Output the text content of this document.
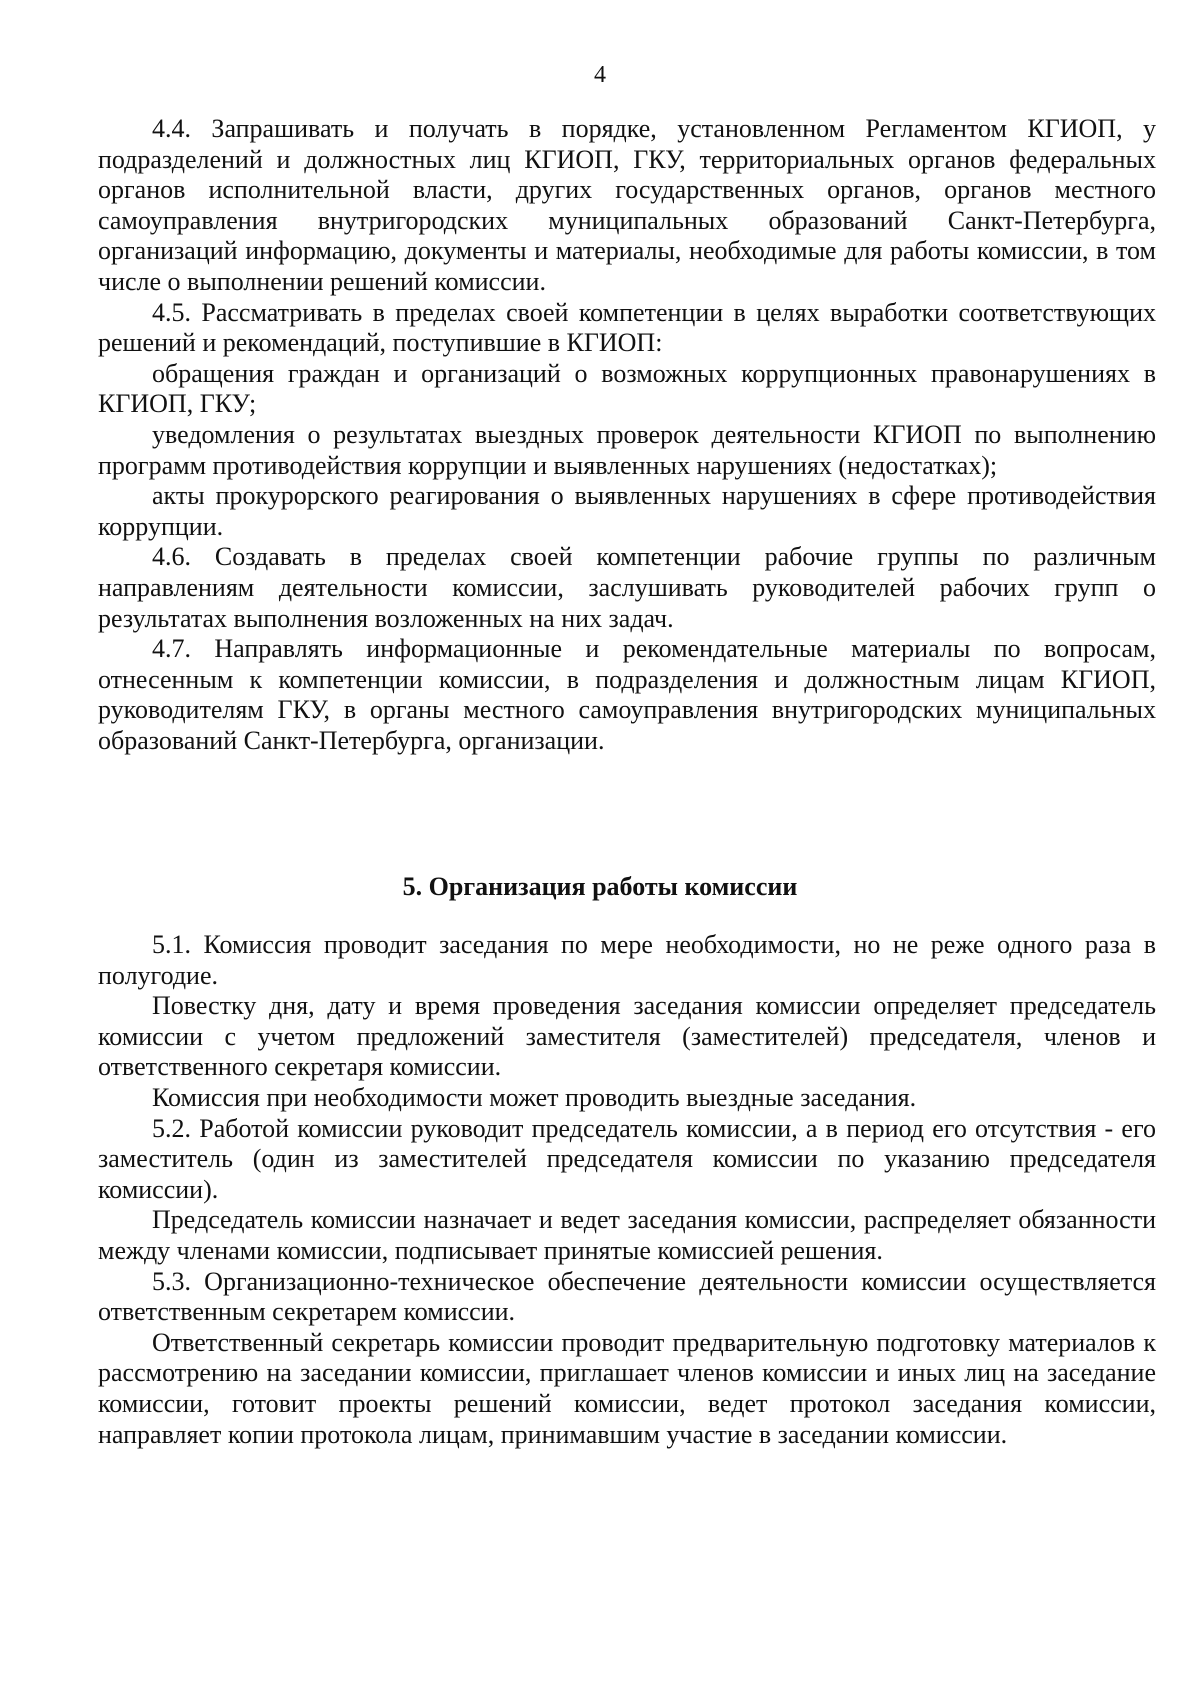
4

4.4. Запрашивать и получать в порядке, установленном Регламентом КГИОП, у подразделений и должностных лиц КГИОП, ГКУ, территориальных органов федеральных органов исполнительной власти, других государственных органов, органов местного самоуправления внутригородских муниципальных образований Санкт-Петербурга, организаций информацию, документы и материалы, необходимые для работы комиссии, в том числе о выполнении решений комиссии.

4.5. Рассматривать в пределах своей компетенции в целях выработки соответствующих решений и рекомендаций, поступившие в КГИОП:

обращения граждан и организаций о возможных коррупционных правонарушениях в КГИОП, ГКУ;

уведомления о результатах выездных проверок деятельности КГИОП по выполнению программ противодействия коррупции и выявленных нарушениях (недостатках);

акты прокурорского реагирования о выявленных нарушениях в сфере противодействия коррупции.

4.6. Создавать в пределах своей компетенции рабочие группы по различным направлениям деятельности комиссии, заслушивать руководителей рабочих групп о результатах выполнения возложенных на них задач.

4.7. Направлять информационные и рекомендательные материалы по вопросам, отнесенным к компетенции комиссии, в подразделения и должностным лицам КГИОП, руководителям ГКУ, в органы местного самоуправления внутригородских муниципальных образований Санкт-Петербурга, организации.

5. Организация работы комиссии

5.1. Комиссия проводит заседания по мере необходимости, но не реже одного раза в полугодие.

Повестку дня, дату и время проведения заседания комиссии определяет председатель комиссии с учетом предложений заместителя (заместителей) председателя, членов и ответственного секретаря комиссии.

Комиссия при необходимости может проводить выездные заседания.

5.2. Работой комиссии руководит председатель комиссии, а в период его отсутствия - его заместитель (один из заместителей председателя комиссии по указанию председателя комиссии).

Председатель комиссии назначает и ведет заседания комиссии, распределяет обязанности между членами комиссии, подписывает принятые комиссией решения.

5.3. Организационно-техническое обеспечение деятельности комиссии осуществляется ответственным секретарем комиссии.

Ответственный секретарь комиссии проводит предварительную подготовку материалов к рассмотрению на заседании комиссии, приглашает членов комиссии и иных лиц на заседание комиссии, готовит проекты решений комиссии, ведет протокол заседания комиссии, направляет копии протокола лицам, принимавшим участие в заседании комиссии.
